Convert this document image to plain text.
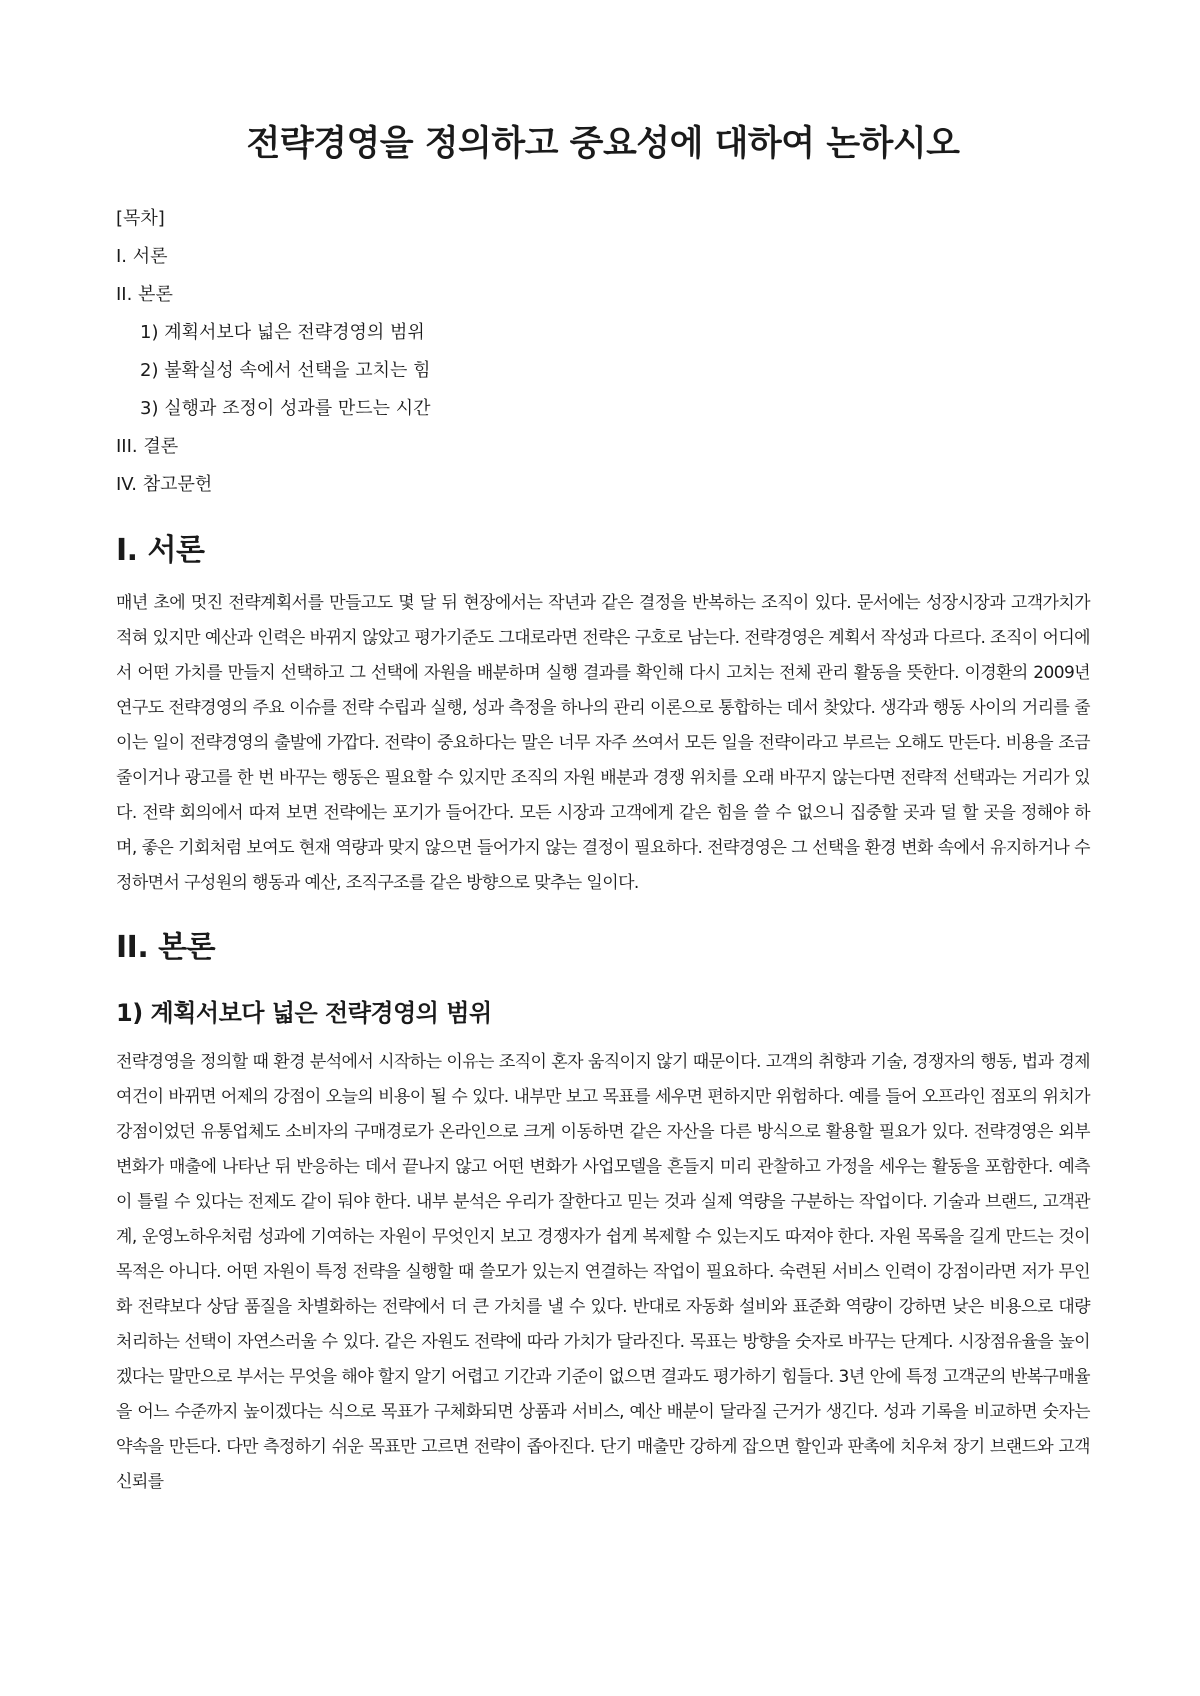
전략경영을 정의하고 중요성에 대하여 논하시오
[목차]
I. 서론
II. 본론
1) 계획서보다 넓은 전략경영의 범위
2) 불확실성 속에서 선택을 고치는 힘
3) 실행과 조정이 성과를 만드는 시간
III. 결론
IV. 참고문헌
I. 서론

매년 초에 멋진 전략계획서를 만들고도 몇 달 뒤 현장에서는 작년과 같은 결정을 반복하는 조직이 있다. 문서에는 성장시장과 고객가치가 적혀 있지만 예산과 인력은 바뀌지 않았고 평가기준도 그대로라면 전략은 구호로 남는다. 전략경영은 계획서 작성과 다르다. 조직이 어디에서 어떤 가치를 만들지 선택하고 그 선택에 자원을 배분하며 실행 결과를 확인해 다시 고치는 전체 관리 활동을 뜻한다. 이경환의 2009년 연구도 전략경영의 주요 이슈를 전략 수립과 실행, 성과 측정을 하나의 관리 이론으로 통합하는 데서 찾았다. 생각과 행동 사이의 거리를 줄이는 일이 전략경영의 출발에 가깝다. 전략이 중요하다는 말은 너무 자주 쓰여서 모든 일을 전략이라고 부르는 오해도 만든다. 비용을 조금 줄이거나 광고를 한 번 바꾸는 행동은 필요할 수 있지만 조직의 자원 배분과 경쟁 위치를 오래 바꾸지 않는다면 전략적 선택과는 거리가 있다. 전략 회의에서 따져 보면 전략에는 포기가 들어간다. 모든 시장과 고객에게 같은 힘을 쓸 수 없으니 집중할 곳과 덜 할 곳을 정해야 하며, 좋은 기회처럼 보여도 현재 역량과 맞지 않으면 들어가지 않는 결정이 필요하다. 전략경영은 그 선택을 환경 변화 속에서 유지하거나 수정하면서 구성원의 행동과 예산, 조직구조를 같은 방향으로 맞추는 일이다.

II. 본론
1) 계획서보다 넓은 전략경영의 범위

전략경영을 정의할 때 환경 분석에서 시작하는 이유는 조직이 혼자 움직이지 않기 때문이다. 고객의 취향과 기술, 경쟁자의 행동, 법과 경제 여건이 바뀌면 어제의 강점이 오늘의 비용이 될 수 있다. 내부만 보고 목표를 세우면 편하지만 위험하다. 예를 들어 오프라인 점포의 위치가 강점이었던 유통업체도 소비자의 구매경로가 온라인으로 크게 이동하면 같은 자산을 다른 방식으로 활용할 필요가 있다. 전략경영은 외부 변화가 매출에 나타난 뒤 반응하는 데서 끝나지 않고 어떤 변화가 사업모델을 흔들지 미리 관찰하고 가정을 세우는 활동을 포함한다. 예측이 틀릴 수 있다는 전제도 같이 둬야 한다. 내부 분석은 우리가 잘한다고 믿는 것과 실제 역량을 구분하는 작업이다. 기술과 브랜드, 고객관계, 운영노하우처럼 성과에 기여하는 자원이 무엇인지 보고 경쟁자가 쉽게 복제할 수 있는지도 따져야 한다. 자원 목록을 길게 만드는 것이 목적은 아니다. 어떤 자원이 특정 전략을 실행할 때 쓸모가 있는지 연결하는 작업이 필요하다. 숙련된 서비스 인력이 강점이라면 저가 무인화 전략보다 상담 품질을 차별화하는 전략에서 더 큰 가치를 낼 수 있다. 반대로 자동화 설비와 표준화 역량이 강하면 낮은 비용으로 대량 처리하는 선택이 자연스러울 수 있다. 같은 자원도 전략에 따라 가치가 달라진다. 목표는 방향을 숫자로 바꾸는 단계다. 시장점유율을 높이겠다는 말만으로 부서는 무엇을 해야 할지 알기 어렵고 기간과 기준이 없으면 결과도 평가하기 힘들다. 3년 안에 특정 고객군의 반복구매율을 어느 수준까지 높이겠다는 식으로 목표가 구체화되면 상품과 서비스, 예산 배분이 달라질 근거가 생긴다. 성과 기록을 비교하면 숫자는 약속을 만든다. 다만 측정하기 쉬운 목표만 고르면 전략이 좁아진다. 단기 매출만 강하게 잡으면 할인과 판촉에 치우쳐 장기 브랜드와 고객 신뢰를
